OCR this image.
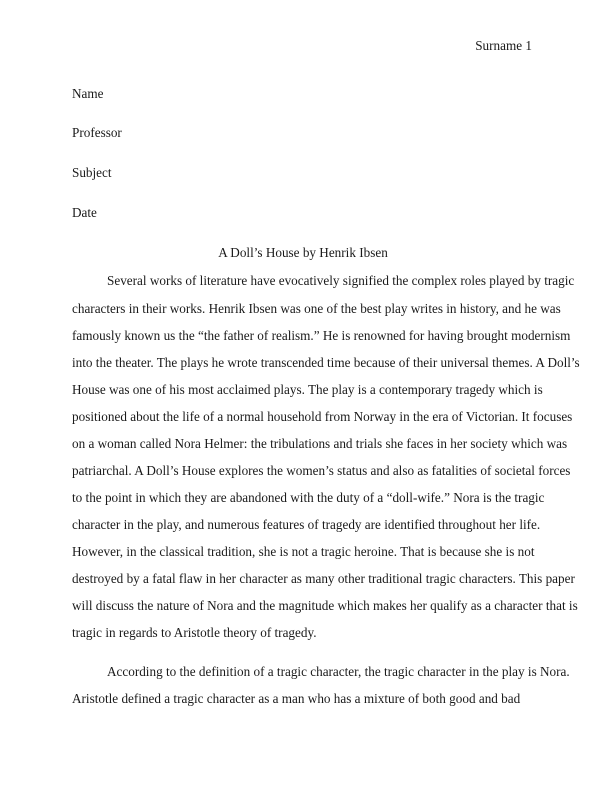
Surname 1
Name
Professor
Subject
Date
A Doll’s House by Henrik Ibsen
Several works of literature have evocatively signified the complex roles played by tragic
characters in their works. Henrik Ibsen was one of the best play writes in history, and he was
famously known us the “the father of realism.” He is renowned for having brought modernism
into the theater. The plays he wrote transcended time because of their universal themes. A Doll’s
House was one of his most acclaimed plays. The play is a contemporary tragedy which is
positioned about the life of a normal household from Norway in the era of Victorian. It focuses
on a woman called Nora Helmer: the tribulations and trials she faces in her society which was
patriarchal. A Doll’s House explores the women’s status and also as fatalities of societal forces
to the point in which they are abandoned with the duty of a “doll-wife.” Nora is the tragic
character in the play, and numerous features of tragedy are identified throughout her life.
However, in the classical tradition, she is not a tragic heroine. That is because she is not
destroyed by a fatal flaw in her character as many other traditional tragic characters. This paper
will discuss the nature of Nora and the magnitude which makes her qualify as a character that is
tragic in regards to Aristotle theory of tragedy.
According to the definition of a tragic character, the tragic character in the play is Nora.
Aristotle defined a tragic character as a man who has a mixture of both good and bad
